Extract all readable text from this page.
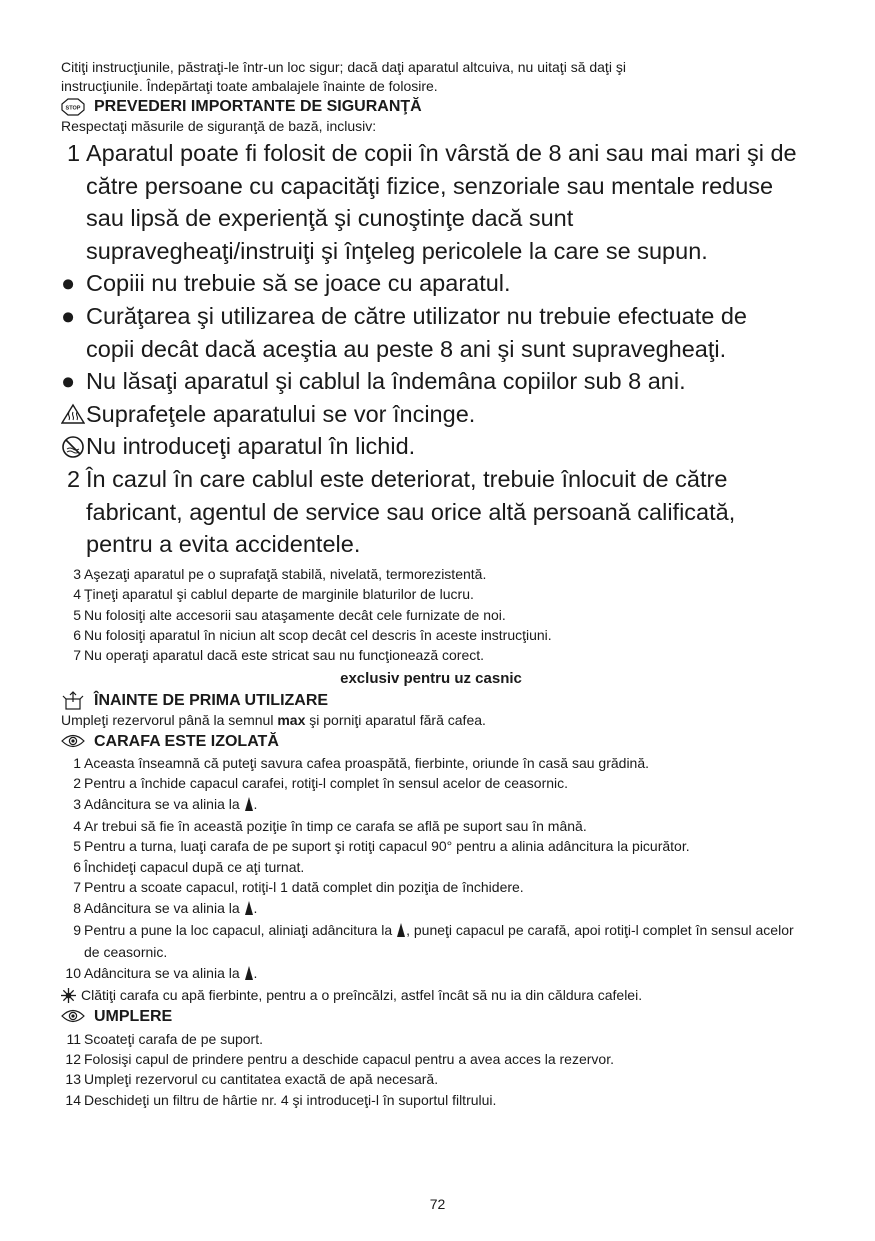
Citiţi instrucţiunile, păstraţi-le într-un loc sigur; dacă daţi aparatul altcuiva, nu uitaţi să daţi şi

instrucţiunile. Îndepărtaţi toate ambalajele înainte de folosire.

STOP PREVEDERI IMPORTANTE DE SIGURANŢĂ

Respectaţi măsurile de siguranţă de bază, inclusiv:

1 Aparatul poate fi folosit de copii în vârstă de 8 ani sau mai mari şi de către persoane cu capacităţi fizice, senzoriale sau mentale reduse sau lipsă de experienţă şi cunoştinţe dacă sunt supravegheaţi/instruiţi şi înţeleg pericolele la care se supun.
● Copiii nu trebuie să se joace cu aparatul.
● Curăţarea şi utilizarea de către utilizator nu trebuie efectuate de copii decât dacă aceştia au peste 8 ani şi sunt supravegheaţi.
● Nu lăsaţi aparatul şi cablul la îndemâna copiilor sub 8 ani.
Suprafeţele aparatului se vor încinge.
Nu introduceţi aparatul în lichid.
2 În cazul în care cablul este deteriorat, trebuie înlocuit de către fabricant, agentul de service sau orice altă persoană calificată, pentru a evita accidentele.
3 Aşezaţi aparatul pe o suprafaţă stabilă, nivelată, termorezistentă.
4 Ţineţi aparatul şi cablul departe de marginile blaturilor de lucru.
5 Nu folosiţi alte accesorii sau ataşamente decât cele furnizate de noi.
6 Nu folosiţi aparatul în niciun alt scop decât cel descris în aceste instrucţiuni.
7 Nu operaţi aparatul dacă este stricat sau nu funcţionează corect.

exclusiv pentru uz casnic

ÎNAINTE DE PRIMA UTILIZARE

Umpleţi rezervorul până la semnul max şi porniţi aparatul fără cafea.

CARAFA ESTE IZOLATĂ
1 Aceasta înseamnă că puteţi savura cafea proaspătă, fierbinte, oriunde în casă sau grădină.
2 Pentru a închide capacul carafei, rotiţi-l complet în sensul acelor de ceasornic.
3 Adâncitura se va alinia la .
4 Ar trebui să fie în această poziţie în timp ce carafa se află pe suport sau în mână.
5 Pentru a turna, luaţi carafa de pe suport şi rotiţi capacul 90° pentru a alinia adâncitura la picurător.
6 Închideţi capacul după ce aţi turnat.
7 Pentru a scoate capacul, rotiţi-l 1 dată complet din poziţia de închidere.
8 Adâncitura se va alinia la .
9 Pentru a pune la loc capacul, aliniaţi adâncitura la , puneţi capacul pe carafă, apoi rotiţi-l complet în sensul acelor de ceasornic.
10 Adâncitura se va alinia la .
Clătiţi carafa cu apă fierbinte, pentru a o preîncălzi, astfel încât să nu ia din căldura cafelei.
UMPLERE
11 Scoateţi carafa de pe suport.
12 Folosişi capul de prindere pentru a deschide capacul pentru a avea acces la rezervor.
13 Umpleţi rezervorul cu cantitatea exactă de apă necesară.
14 Deschideţi un filtru de hârtie nr. 4 şi introduceţi-l în suportul filtrului.
72
